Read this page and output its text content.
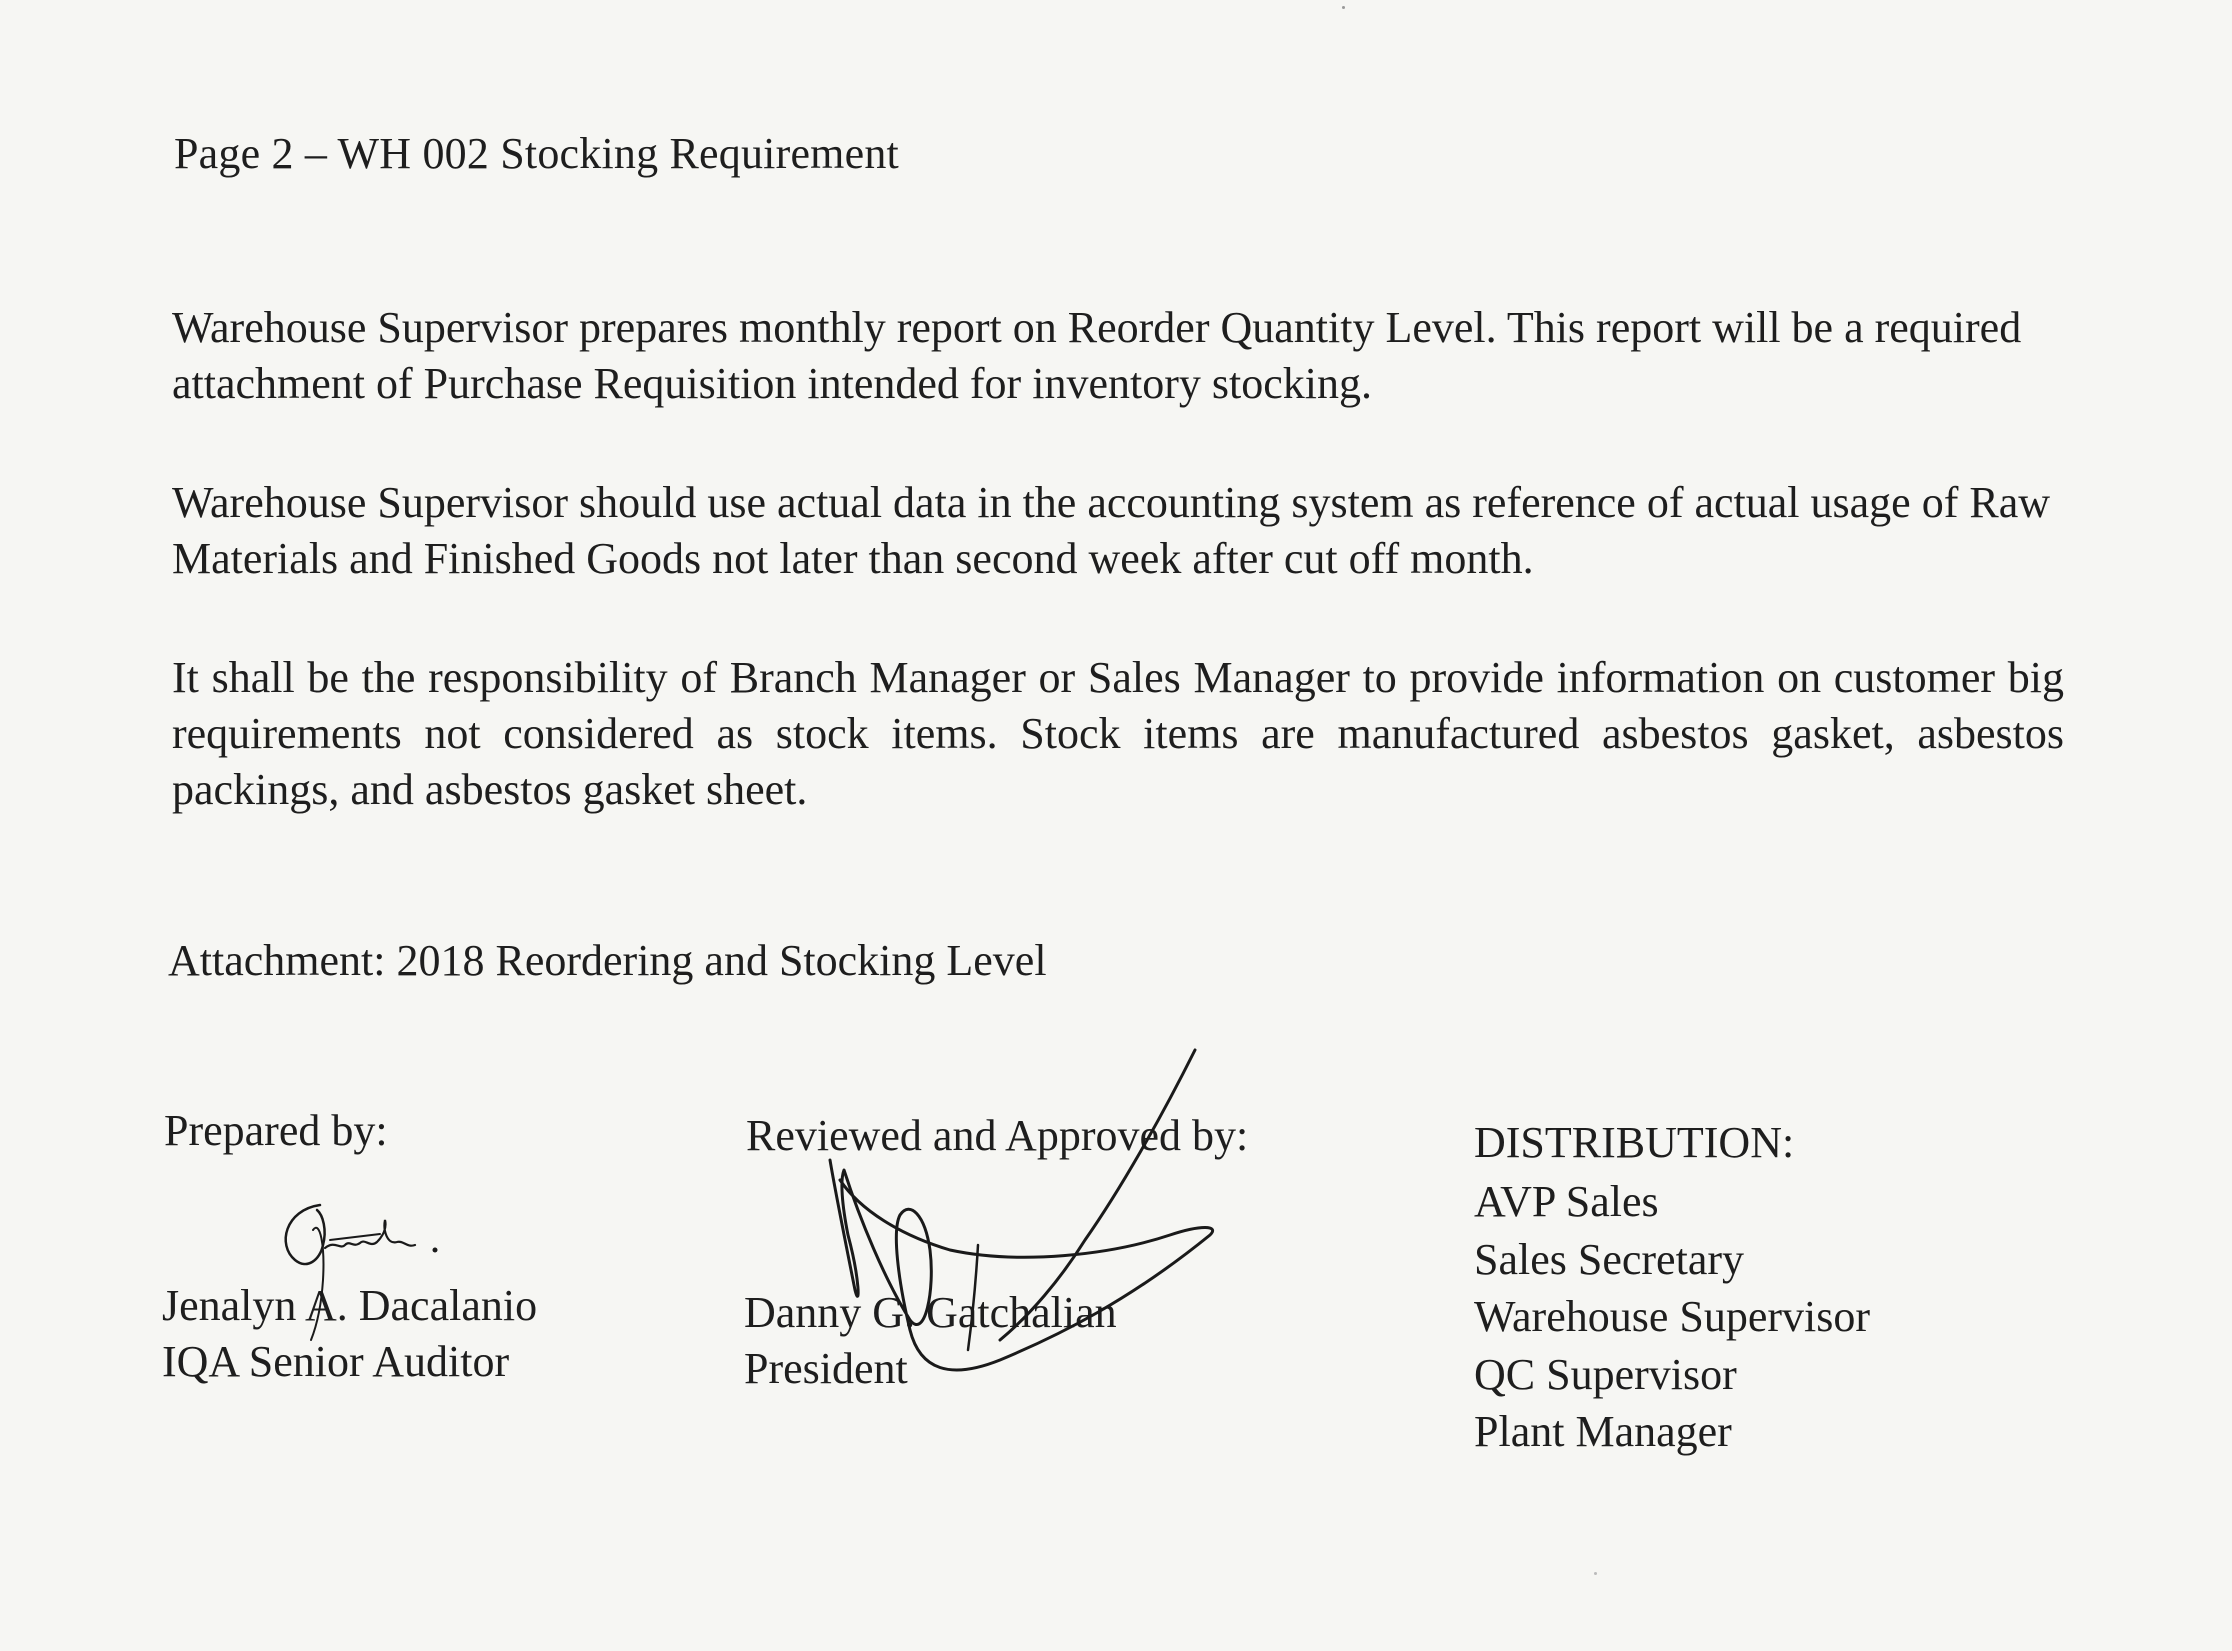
Page 2 – WH 002 Stocking Requirement
Warehouse Supervisor prepares monthly report on Reorder Quantity Level. This report will be a required attachment of Purchase Requisition intended for inventory stocking.
Warehouse Supervisor should use actual data in the accounting system as reference of actual usage of Raw Materials and Finished Goods not later than second week after cut off month.
It shall be the responsibility of Branch Manager or Sales Manager to provide information on customer big requirements not considered as stock items. Stock items are manufactured asbestos gasket, asbestos packings, and asbestos gasket sheet.
Attachment: 2018 Reordering and Stocking Level
Prepared by:
Jenalyn A. Dacalanio
IQA Senior Auditor
Reviewed and Approved by:
Danny G. Gatchalian
President
DISTRIBUTION:
AVP Sales
Sales Secretary
Warehouse Supervisor
QC Supervisor
Plant Manager
